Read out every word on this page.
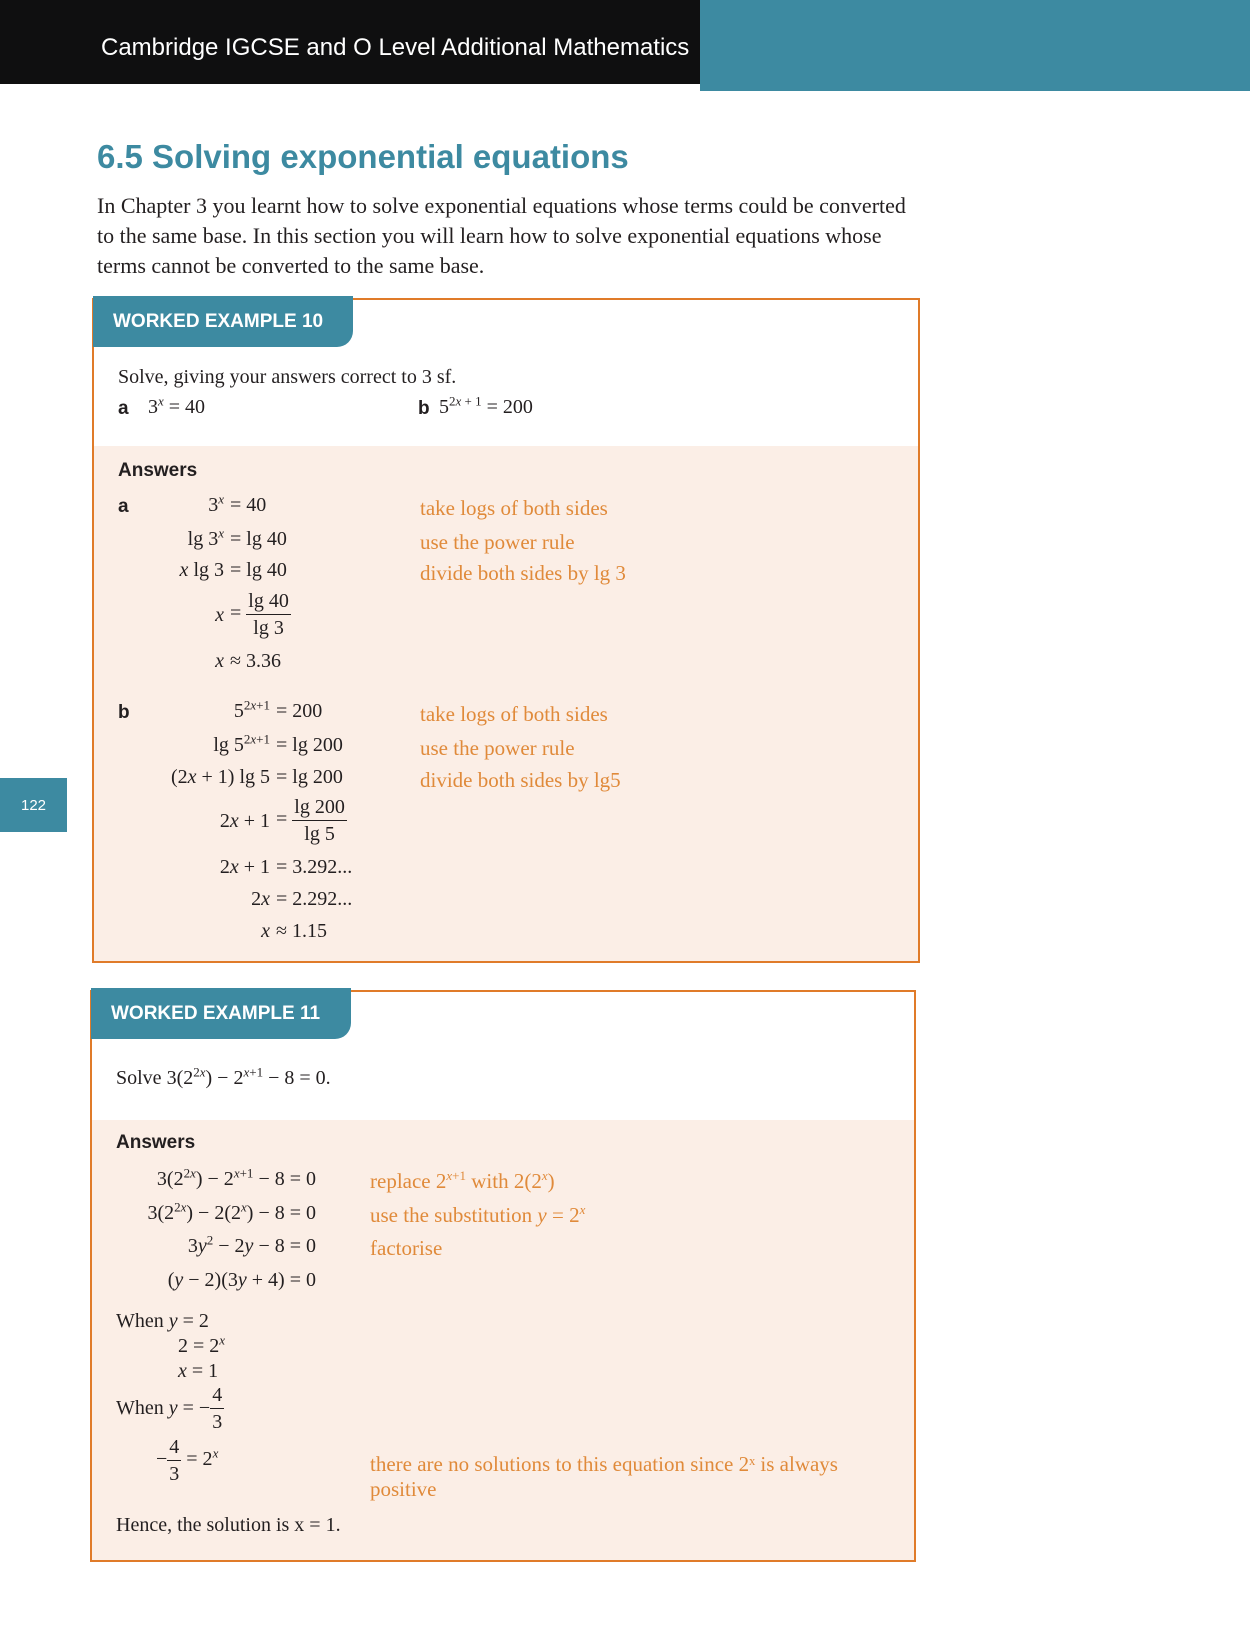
Cambridge IGCSE and O Level Additional Mathematics
122
6.5 Solving exponential equations
In Chapter 3 you learnt how to solve exponential equations whose terms could be converted to the same base. In this section you will learn how to solve exponential equations whose terms cannot be converted to the same base.
WORKED EXAMPLE 10
Solve, giving your answers correct to 3 sf.
a $3^x = 40$	b $5^{2x + 1} = 200$
Answers
a	$3^x = 40$
$\lg 3^x = \lg 40$
x lg 3 = lg 40
$x = \frac{\lg 40}{\lg 3}$
x ≈ 3.36
take logs of both sides
use the power rule
divide both sides by lg 3
b	$5^{2x+1} = 200$
$\lg 5^{2x+1} = \lg 200$
(2x + 1) lg 5 = lg 200
$2x + 1 = \frac{\lg 200}{\lg 5}$
2x + 1 = 3.292...
2x = 2.292...
x ≈ 1.15
take logs of both sides
use the power rule
divide both sides by lg5
WORKED EXAMPLE 11
Solve $3(2^{2x}) - 2^{x+1} - 8 = 0$.
Answers
$3(2^{2x}) - 2^{x+1} - 8 = 0$
$3(2^{2x}) - 2(2^x) - 8 = 0$
$3y^2 - 2y - 8 = 0$
(y − 2)(3y + 4) = 0
replace $2^{x+1}$ with 2(2$^x$)
use the substitution $y = 2^x$
factorise
When y = 2
$2 = 2^x$
x = 1
When y = − $\frac{4}{3}$
− $\frac{4}{3} = 2^x$	there are no solutions to this equation since 2ˣ is always positive
Hence, the solution is x = 1.
